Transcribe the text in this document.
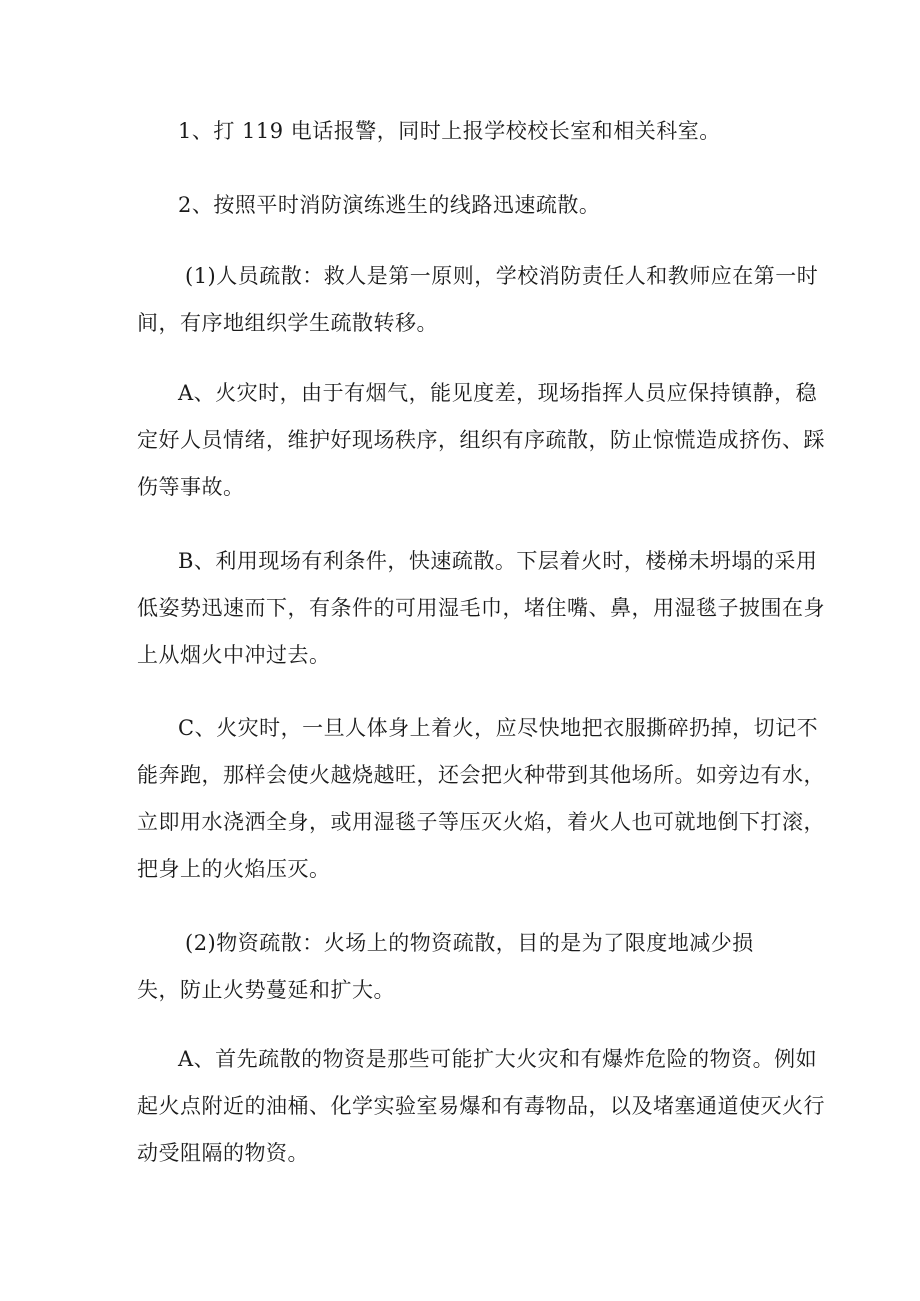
1、打 119 电话报警，同时上报学校校长室和相关科室。

2、按照平时消防演练逃生的线路迅速疏散。

(1)人员疏散：救人是第一原则，学校消防责任人和教师应在第一时
间，有序地组织学生疏散转移。

A、火灾时，由于有烟气，能见度差，现场指挥人员应保持镇静，稳
定好人员情绪，维护好现场秩序，组织有序疏散，防止惊慌造成挤伤、踩
伤等事故。

B、利用现场有利条件，快速疏散。下层着火时，楼梯未坍塌的采用
低姿势迅速而下，有条件的可用湿毛巾，堵住嘴、鼻，用湿毯子披围在身
上从烟火中冲过去。

C、火灾时，一旦人体身上着火，应尽快地把衣服撕碎扔掉，切记不
能奔跑，那样会使火越烧越旺，还会把火种带到其他场所。如旁边有水，
立即用水浇洒全身，或用湿毯子等压灭火焰，着火人也可就地倒下打滚，
把身上的火焰压灭。

(2)物资疏散：火场上的物资疏散，目的是为了限度地减少损
失，防止火势蔓延和扩大。

A、首先疏散的物资是那些可能扩大火灾和有爆炸危险的物资。例如
起火点附近的油桶、化学实验室易爆和有毒物品，以及堵塞通道使灭火行
动受阻隔的物资。
